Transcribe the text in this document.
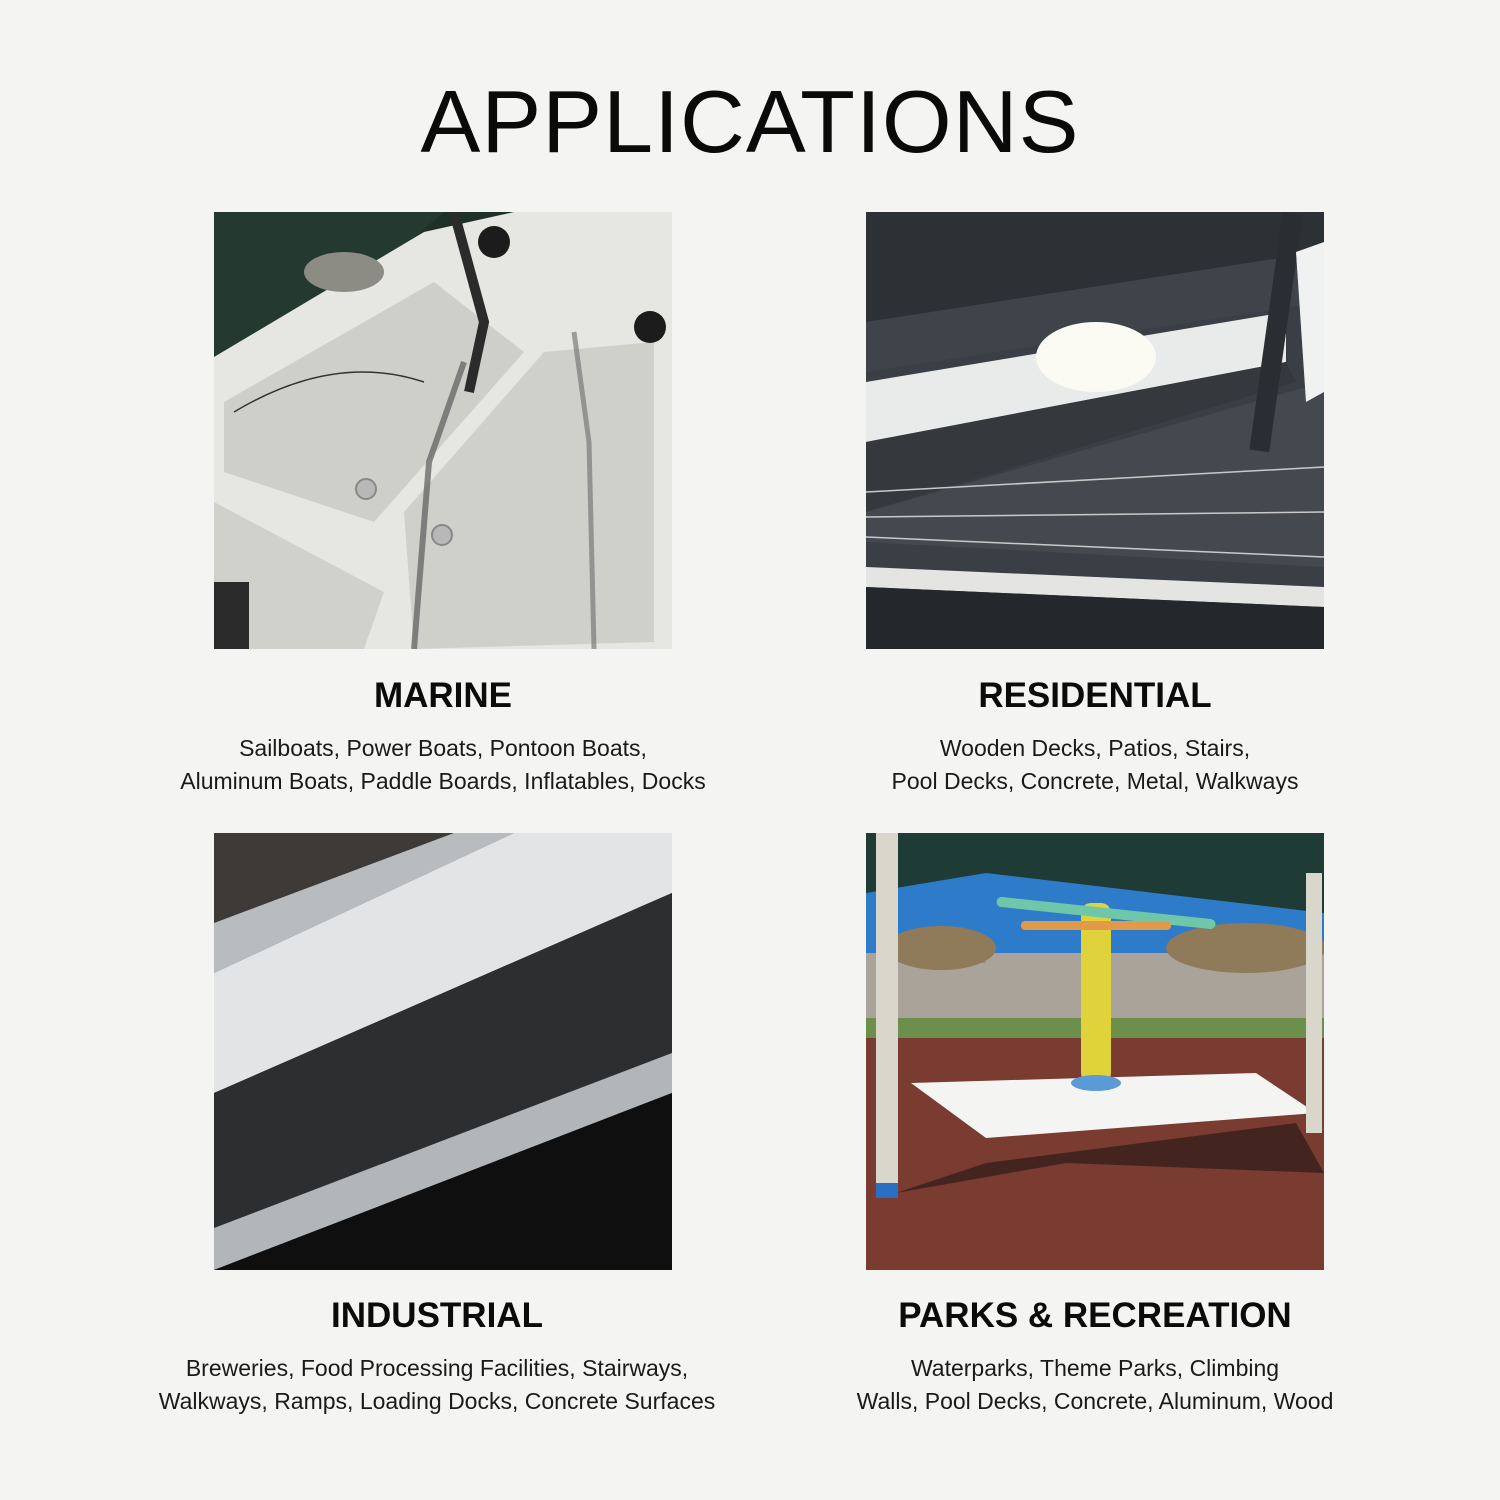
APPLICATIONS
MARINE
Sailboats, Power Boats, Pontoon Boats,
Aluminum Boats, Paddle Boards, Inflatables, Docks
RESIDENTIAL
Wooden Decks, Patios, Stairs,
Pool Decks, Concrete, Metal, Walkways
INDUSTRIAL
Breweries, Food Processing Facilities, Stairways,
Walkways, Ramps, Loading Docks, Concrete Surfaces
PARKS & RECREATION
Waterparks, Theme Parks, Climbing
Walls, Pool Decks, Concrete, Aluminum, Wood
